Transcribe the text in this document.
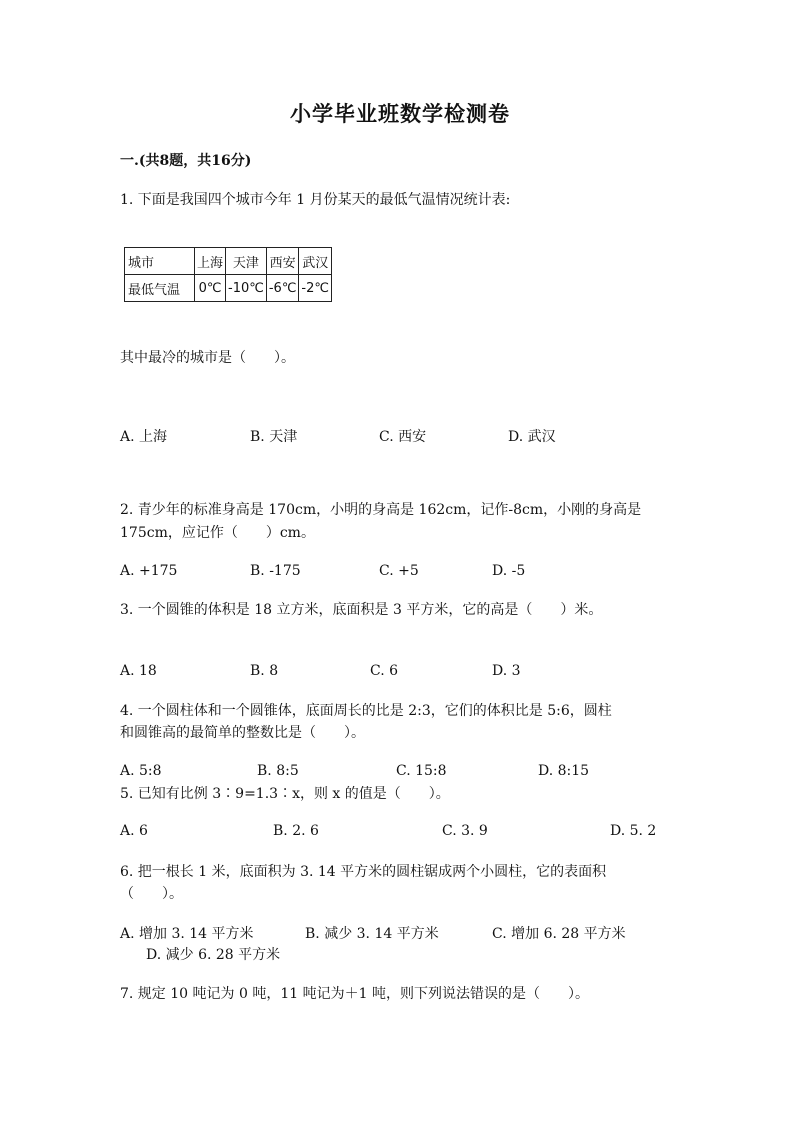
小学毕业班数学检测卷
一.(共8题，共16分)
1. 下面是我国四个城市今年 1 月份某天的最低气温情况统计表:
城市	上海	天津	西安	武汉
最低气温	0℃	-10℃	-6℃	-2℃
其中最冷的城市是（　　）。
A. 上海	B. 天津	C. 西安	D. 武汉
2. 青少年的标准身高是 170cm，小明的身高是 162cm，记作-8cm，小刚的身高是
175cm，应记作（　　）cm。
A. +175	B. -175	C. +5	D. -5
3. 一个圆锥的体积是 18 立方米，底面积是 3 平方米，它的高是（　　）米。
A. 18	B. 8	C. 6	D. 3
4. 一个圆柱体和一个圆锥体，底面周长的比是 2:3，它们的体积比是 5:6，圆柱
和圆锥高的最简单的整数比是（　　）。
A. 5:8	B. 8:5	C. 15:8	D. 8:15
5. 已知有比例 3∶9=1.3∶x，则 x 的值是（　　）。
A. 6	B. 2. 6	C. 3. 9	D. 5. 2
6. 把一根长 1 米，底面积为 3. 14 平方米的圆柱锯成两个小圆柱，它的表面积
（　　）。
A. 增加 3. 14 平方米	B. 减少 3. 14 平方米	C. 增加 6. 28 平方米
D. 减少 6. 28 平方米
7. 规定 10 吨记为 0 吨，11 吨记为＋1 吨，则下列说法错误的是（　　）。
